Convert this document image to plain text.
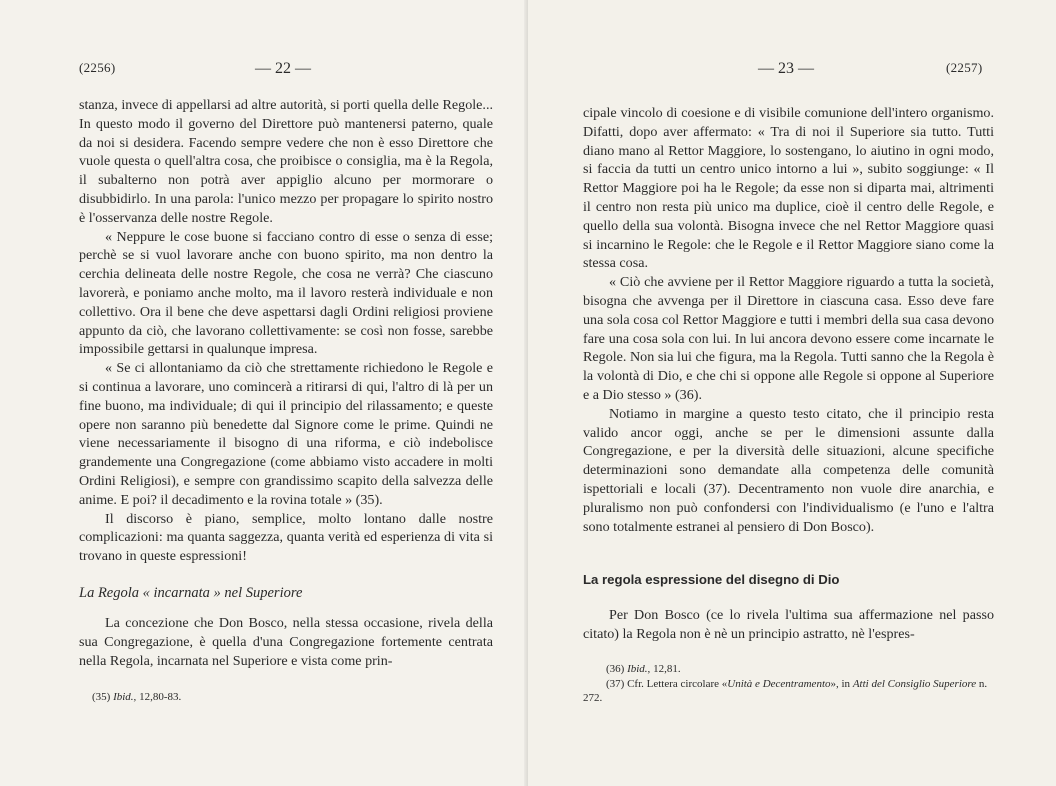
(2256)	— 22 —

stanza, invece di appellarsi ad altre autorità, si porti quella delle Regole... In questo modo il governo del Direttore può mantenersi paterno, quale da noi si desidera. Facendo sempre vedere che non è esso Direttore che vuole questa o quell'altra cosa, che proibisce o consiglia, ma è la Regola, il subalterno non potrà aver appiglio alcuno per mormorare o disubbidirlo. In una parola: l'unico mezzo per propagare lo spirito nostro è l'osservanza delle nostre Regole.

« Neppure le cose buone si facciano contro di esse o senza di esse; perchè se si vuol lavorare anche con buono spirito, ma non dentro la cerchia delineata delle nostre Regole, che cosa ne verrà? Che ciascuno lavorerà, e poniamo anche molto, ma il lavoro resterà individuale e non collettivo. Ora il bene che deve aspettarsi dagli Ordini religiosi proviene appunto da ciò, che lavorano collettivamente: se così non fosse, sarebbe impossibile gettarsi in qualunque impresa.

« Se ci allontaniamo da ciò che strettamente richiedono le Regole e si continua a lavorare, uno comincerà a ritirarsi di qui, l'altro di là per un fine buono, ma individuale; di qui il principio del rilassamento; e queste opere non saranno più benedette dal Signore come le prime. Quindi ne viene necessariamente il bisogno di una riforma, e ciò indebolisce grandemente una Congregazione (come abbiamo visto accadere in molti Ordini Religiosi), e sempre con grandissimo scapito della salvezza delle anime. E poi? il decadimento e la rovina totale » (35).

Il discorso è piano, semplice, molto lontano dalle nostre complicazioni: ma quanta saggezza, quanta verità ed esperienza di vita si trovano in queste espressioni!

La Regola « incarnata » nel Superiore

La concezione che Don Bosco, nella stessa occasione, rivela della sua Congregazione, è quella d'una Congregazione fortemente centrata nella Regola, incarnata nel Superiore e vista come prin-

(35) Ibid., 12,80-83.
— 23 —	(2257)

cipale vincolo di coesione e di visibile comunione dell'intero organismo. Difatti, dopo aver affermato: « Tra di noi il Superiore sia tutto. Tutti diano mano al Rettor Maggiore, lo sostengano, lo aiutino in ogni modo, si faccia da tutti un centro unico intorno a lui », subito soggiunge: « Il Rettor Maggiore poi ha le Regole; da esse non si diparta mai, altrimenti il centro non resta più unico ma duplice, cioè il centro delle Regole, e quello della sua volontà. Bisogna invece che nel Rettor Maggiore quasi si incarnino le Regole: che le Regole e il Rettor Maggiore siano come la stessa cosa.

« Ciò che avviene per il Rettor Maggiore riguardo a tutta la società, bisogna che avvenga per il Direttore in ciascuna casa. Esso deve fare una sola cosa col Rettor Maggiore e tutti i membri della sua casa devono fare una cosa sola con lui. In lui ancora devono essere come incarnate le Regole. Non sia lui che figura, ma la Regola. Tutti sanno che la Regola è la volontà di Dio, e che chi si oppone alle Regole si oppone al Superiore e a Dio stesso » (36).

Notiamo in margine a questo testo citato, che il principio resta valido ancor oggi, anche se per le dimensioni assunte dalla Congregazione, e per la diversità delle situazioni, alcune specifiche determinazioni sono demandate alla competenza delle comunità ispettoriali e locali (37). Decentramento non vuole dire anarchia, e pluralismo non può confondersi con l'individualismo (e l'uno e l'altra sono totalmente estranei al pensiero di Don Bosco).

La regola espressione del disegno di Dio

Per Don Bosco (ce lo rivela l'ultima sua affermazione nel passo citato) la Regola non è nè un principio astratto, nè l'espres-

(36) Ibid., 12,81.
(37) Cfr. Lettera circolare «Unità e Decentramento», in Atti del Consiglio Superiore n. 272.
